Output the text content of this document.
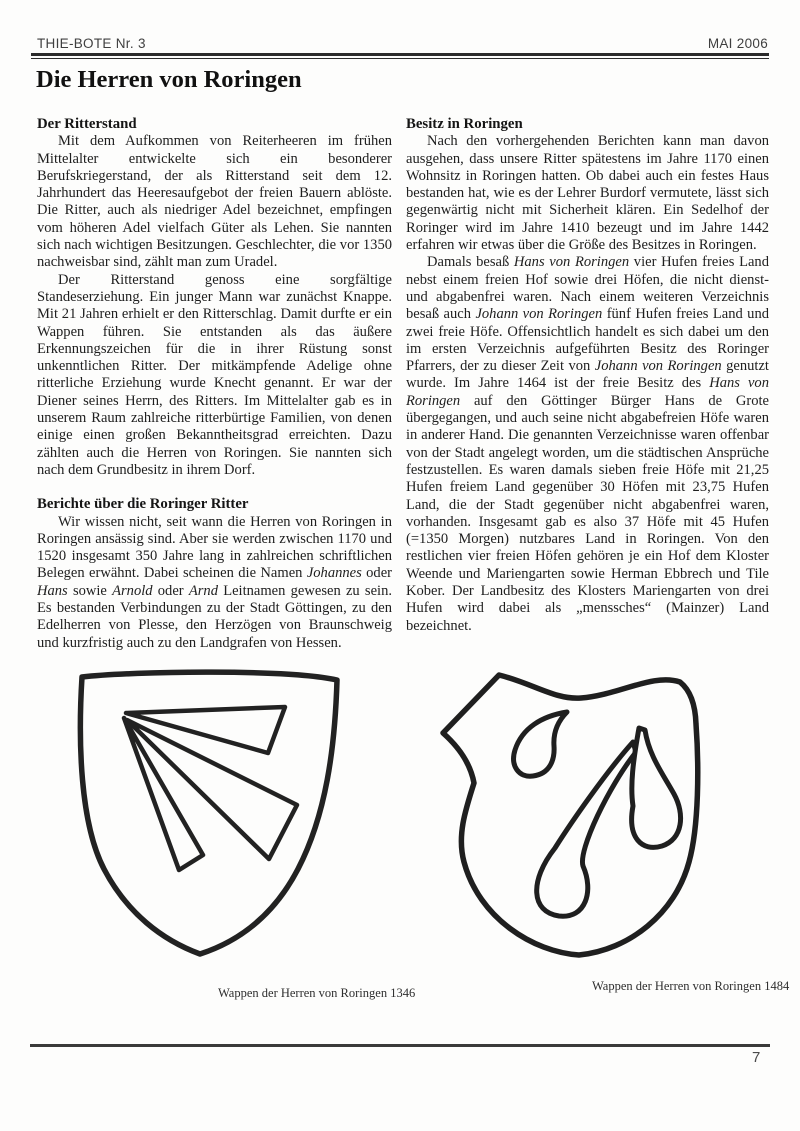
THIE-BOTE Nr. 3	MAI 2006
Die Herren von Roringen
Der Ritterstand

Mit dem Aufkommen von Reiterheeren im frühen Mittelalter entwickelte sich ein besonderer Berufskriegerstand, der als Ritterstand seit dem 12. Jahrhundert das Heeresaufgebot der freien Bauern ablöste. Die Ritter, auch als niedriger Adel bezeichnet, empfingen vom höheren Adel vielfach Güter als Lehen. Sie nannten sich nach wichtigen Besitzungen. Geschlechter, die vor 1350 nachweisbar sind, zählt man zum Uradel.

Der Ritterstand genoss eine sorgfältige Standeserziehung. Ein junger Mann war zunächst Knappe. Mit 21 Jahren erhielt er den Ritterschlag. Damit durfte er ein Wappen führen. Sie entstanden als das äußere Erkennungszeichen für die in ihrer Rüstung sonst unkenntlichen Ritter. Der mitkämpfende Adelige ohne ritterliche Erziehung wurde Knecht genannt. Er war der Diener seines Herrn, des Ritters. Im Mittelalter gab es in unserem Raum zahlreiche ritterbürtige Familien, von denen einige einen großen Bekanntheitsgrad erreichten. Dazu zählten auch die Herren von Roringen. Sie nannten sich nach dem Grundbesitz in ihrem Dorf.

Berichte über die Roringer Ritter

Wir wissen nicht, seit wann die Herren von Roringen in Roringen ansässig sind. Aber sie werden zwischen 1170 und 1520 insgesamt 350 Jahre lang in zahlreichen schriftlichen Belegen erwähnt. Dabei scheinen die Namen Johannes oder Hans sowie Arnold oder Arnd Leitnamen gewesen zu sein. Es bestanden Verbindungen zu der Stadt Göttingen, zu den Edelherren von Plesse, den Herzögen von Braunschweig und kurzfristig auch zu den Landgrafen von Hessen.

Besitz in Roringen

Nach den vorhergehenden Berichten kann man davon ausgehen, dass unsere Ritter spätestens im Jahre 1170 einen Wohnsitz in Roringen hatten. Ob dabei auch ein festes Haus bestanden hat, wie es der Lehrer Burdorf vermutete, lässt sich gegenwärtig nicht mit Sicherheit klären. Ein Sedelhof der Roringer wird im Jahre 1410 bezeugt und im Jahre 1442 erfahren wir etwas über die Größe des Besitzes in Roringen.

Damals besaß Hans von Roringen vier Hufen freies Land nebst einem freien Hof sowie drei Höfen, die nicht dienst- und abgabenfrei waren. Nach einem weiteren Verzeichnis besaß auch Johann von Roringen fünf Hufen freies Land und zwei freie Höfe. Offensichtlich handelt es sich dabei um den im ersten Verzeichnis aufgeführten Besitz des Roringer Pfarrers, der zu dieser Zeit von Johann von Roringen genutzt wurde. Im Jahre 1464 ist der freie Besitz des Hans von Roringen auf den Göttinger Bürger Hans de Grote übergegangen, und auch seine nicht abgabefreien Höfe waren in anderer Hand. Die genannten Verzeichnisse waren offenbar von der Stadt angelegt worden, um die städtischen Ansprüche festzustellen. Es waren damals sieben freie Höfe mit 21,25 Hufen freiem Land gegenüber 30 Höfen mit 23,75 Hufen Land, die der Stadt gegenüber nicht abgabenfrei waren, vorhanden. Insgesamt gab es also 37 Höfe mit 45 Hufen (=1350 Morgen) nutzbares Land in Roringen. Von den restlichen vier freien Höfen gehören je ein Hof dem Kloster Weende und Mariengarten sowie Herman Ebbrech und Tile Kober. Der Landbesitz des Klosters Mariengarten von drei Hufen wird dabei als „menssches“ (Mainzer) Land bezeichnet.

Wappen der Herren von Roringen 1346	Wappen der Herren von Roringen 1484
7
